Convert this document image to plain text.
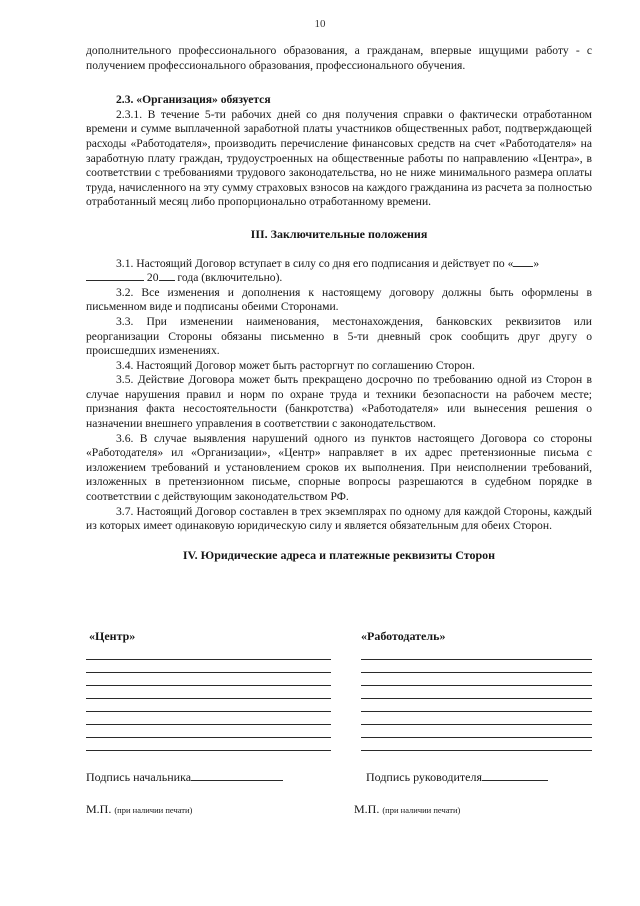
10

дополнительного профессионального образования, а гражданам, впервые ищущими работу - с получением профессионального образования, профессионального обучения.

2.3. «Организация» обязуется

2.3.1. В течение 5-ти рабочих дней со дня получения справки о фактически отработанном времени и сумме выплаченной заработной платы участников общественных работ, подтверждающей расходы «Работодателя», производить перечисление финансовых средств на счет «Работодателя» на заработную плату граждан, трудоустроенных на общественные работы по направлению «Центра», в соответствии с требованиями трудового законодательства, но не ниже минимального размера оплаты труда, начисленного на эту сумму страховых взносов на каждого гражданина из расчета за полностью отработанный месяц либо пропорционально отработанному времени.

III. Заключительные положения

3.1. Настоящий Договор вступает в силу со дня его подписания и действует по « »
20 года (включительно).

3.2. Все изменения и дополнения к настоящему договору должны быть оформлены в письменном виде и подписаны обеими Сторонами.

3.3. При изменении наименования, местонахождения, банковских реквизитов или реорганизации Стороны обязаны письменно в 5-ти дневный срок сообщить друг другу о происшедших изменениях.

3.4. Настоящий Договор может быть расторгнут по соглашению Сторон.

3.5. Действие Договора может быть прекращено досрочно по требованию одной из Сторон в случае нарушения правил и норм по охране труда и техники безопасности на рабочем месте; признания факта несостоятельности (банкротства) «Работодателя» или вынесения решения о назначении внешнего управления в соответствии с законодательством.

3.6. В случае выявления нарушений одного из пунктов настоящего Договора со стороны «Работодателя» ил «Организации», «Центр» направляет в их адрес претензионные письма с изложением требований и установлением сроков их выполнения. При неисполнении требований, изложенных в претензионном письме, спорные вопросы разрешаются в судебном порядке в соответствии с действующим законодательством РФ.

3.7. Настоящий Договор составлен в трех экземплярах по одному для каждой Стороны, каждый из которых имеет одинаковую юридическую силу и является обязательным для обеих Сторон.

IV. Юридические адреса и платежные реквизиты Сторон

«Центр»	«Работодатель»
Подпись начальника	Подпись руководителя
М.П. (при наличии печати)	М.П. (при наличии печати)
